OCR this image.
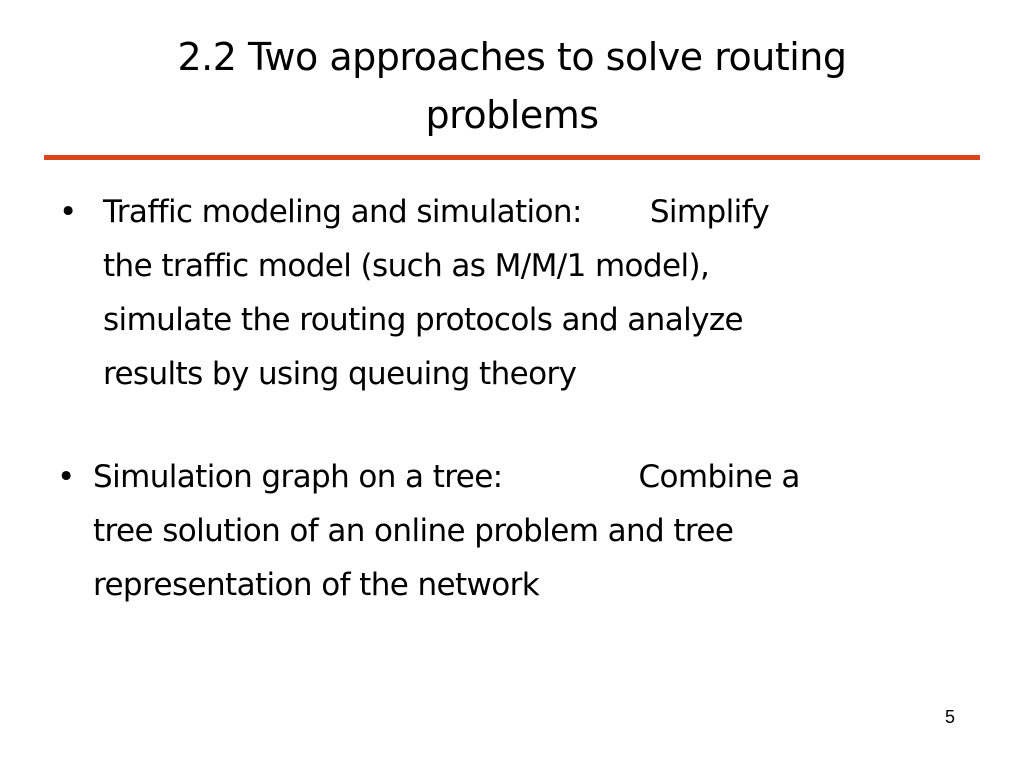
2.2 Two approaches to solve routing
problems
• Traffic modeling and simulation: Simplify
the traffic model (such as M/M/1 model),
simulate the routing protocols and analyze
results by using queuing theory
• Simulation graph on a tree:	Combine a
tree solution of an online problem and tree
representation of the network
5
